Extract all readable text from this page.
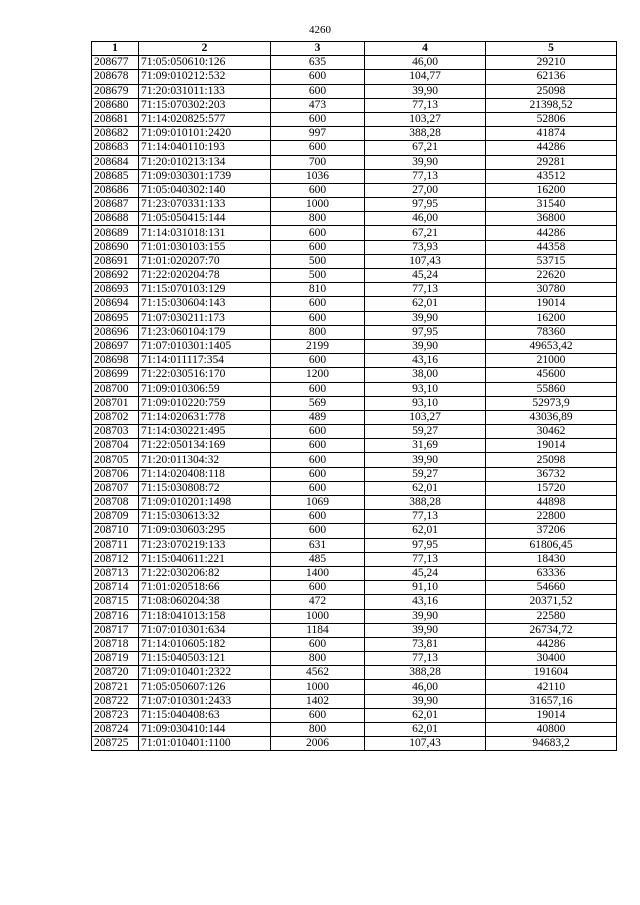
4260
1	2	3	4	5
208677	71:05:050610:126	635	46,00	29210
208678	71:09:010212:532	600	104,77	62136
208679	71:20:031011:133	600	39,90	25098
208680	71:15:070302:203	473	77,13	21398,52
208681	71:14:020825:577	600	103,27	52806
208682	71:09:010101:2420	997	388,28	41874
208683	71:14:040110:193	600	67,21	44286
208684	71:20:010213:134	700	39,90	29281
208685	71:09:030301:1739	1036	77,13	43512
208686	71:05:040302:140	600	27,00	16200
208687	71:23:070331:133	1000	97,95	31540
208688	71:05:050415:144	800	46,00	36800
208689	71:14:031018:131	600	67,21	44286
208690	71:01:030103:155	600	73,93	44358
208691	71:01:020207:70	500	107,43	53715
208692	71:22:020204:78	500	45,24	22620
208693	71:15:070103:129	810	77,13	30780
208694	71:15:030604:143	600	62,01	19014
208695	71:07:030211:173	600	39,90	16200
208696	71:23:060104:179	800	97,95	78360
208697	71:07:010301:1405	2199	39,90	49653,42
208698	71:14:011117:354	600	43,16	21000
208699	71:22:030516:170	1200	38,00	45600
208700	71:09:010306:59	600	93,10	55860
208701	71:09:010220:759	569	93,10	52973,9
208702	71:14:020631:778	489	103,27	43036,89
208703	71:14:030221:495	600	59,27	30462
208704	71:22:050134:169	600	31,69	19014
208705	71:20:011304:32	600	39,90	25098
208706	71:14:020408:118	600	59,27	36732
208707	71:15:030808:72	600	62,01	15720
208708	71:09:010201:1498	1069	388,28	44898
208709	71:15:030613:32	600	77,13	22800
208710	71:09:030603:295	600	62,01	37206
208711	71:23:070219:133	631	97,95	61806,45
208712	71:15:040611:221	485	77,13	18430
208713	71:22:030206:82	1400	45,24	63336
208714	71:01:020518:66	600	91,10	54660
208715	71:08:060204:38	472	43,16	20371,52
208716	71:18:041013:158	1000	39,90	22580
208717	71:07:010301:634	1184	39,90	26734,72
208718	71:14:010605:182	600	73,81	44286
208719	71:15:040503:121	800	77,13	30400
208720	71:09:010401:2322	4562	388,28	191604
208721	71:05:050607:126	1000	46,00	42110
208722	71:07:010301:2433	1402	39,90	31657,16
208723	71:15:040408:63	600	62,01	19014
208724	71:09:030410:144	800	62,01	40800
208725	71:01:010401:1100	2006	107,43	94683,2
